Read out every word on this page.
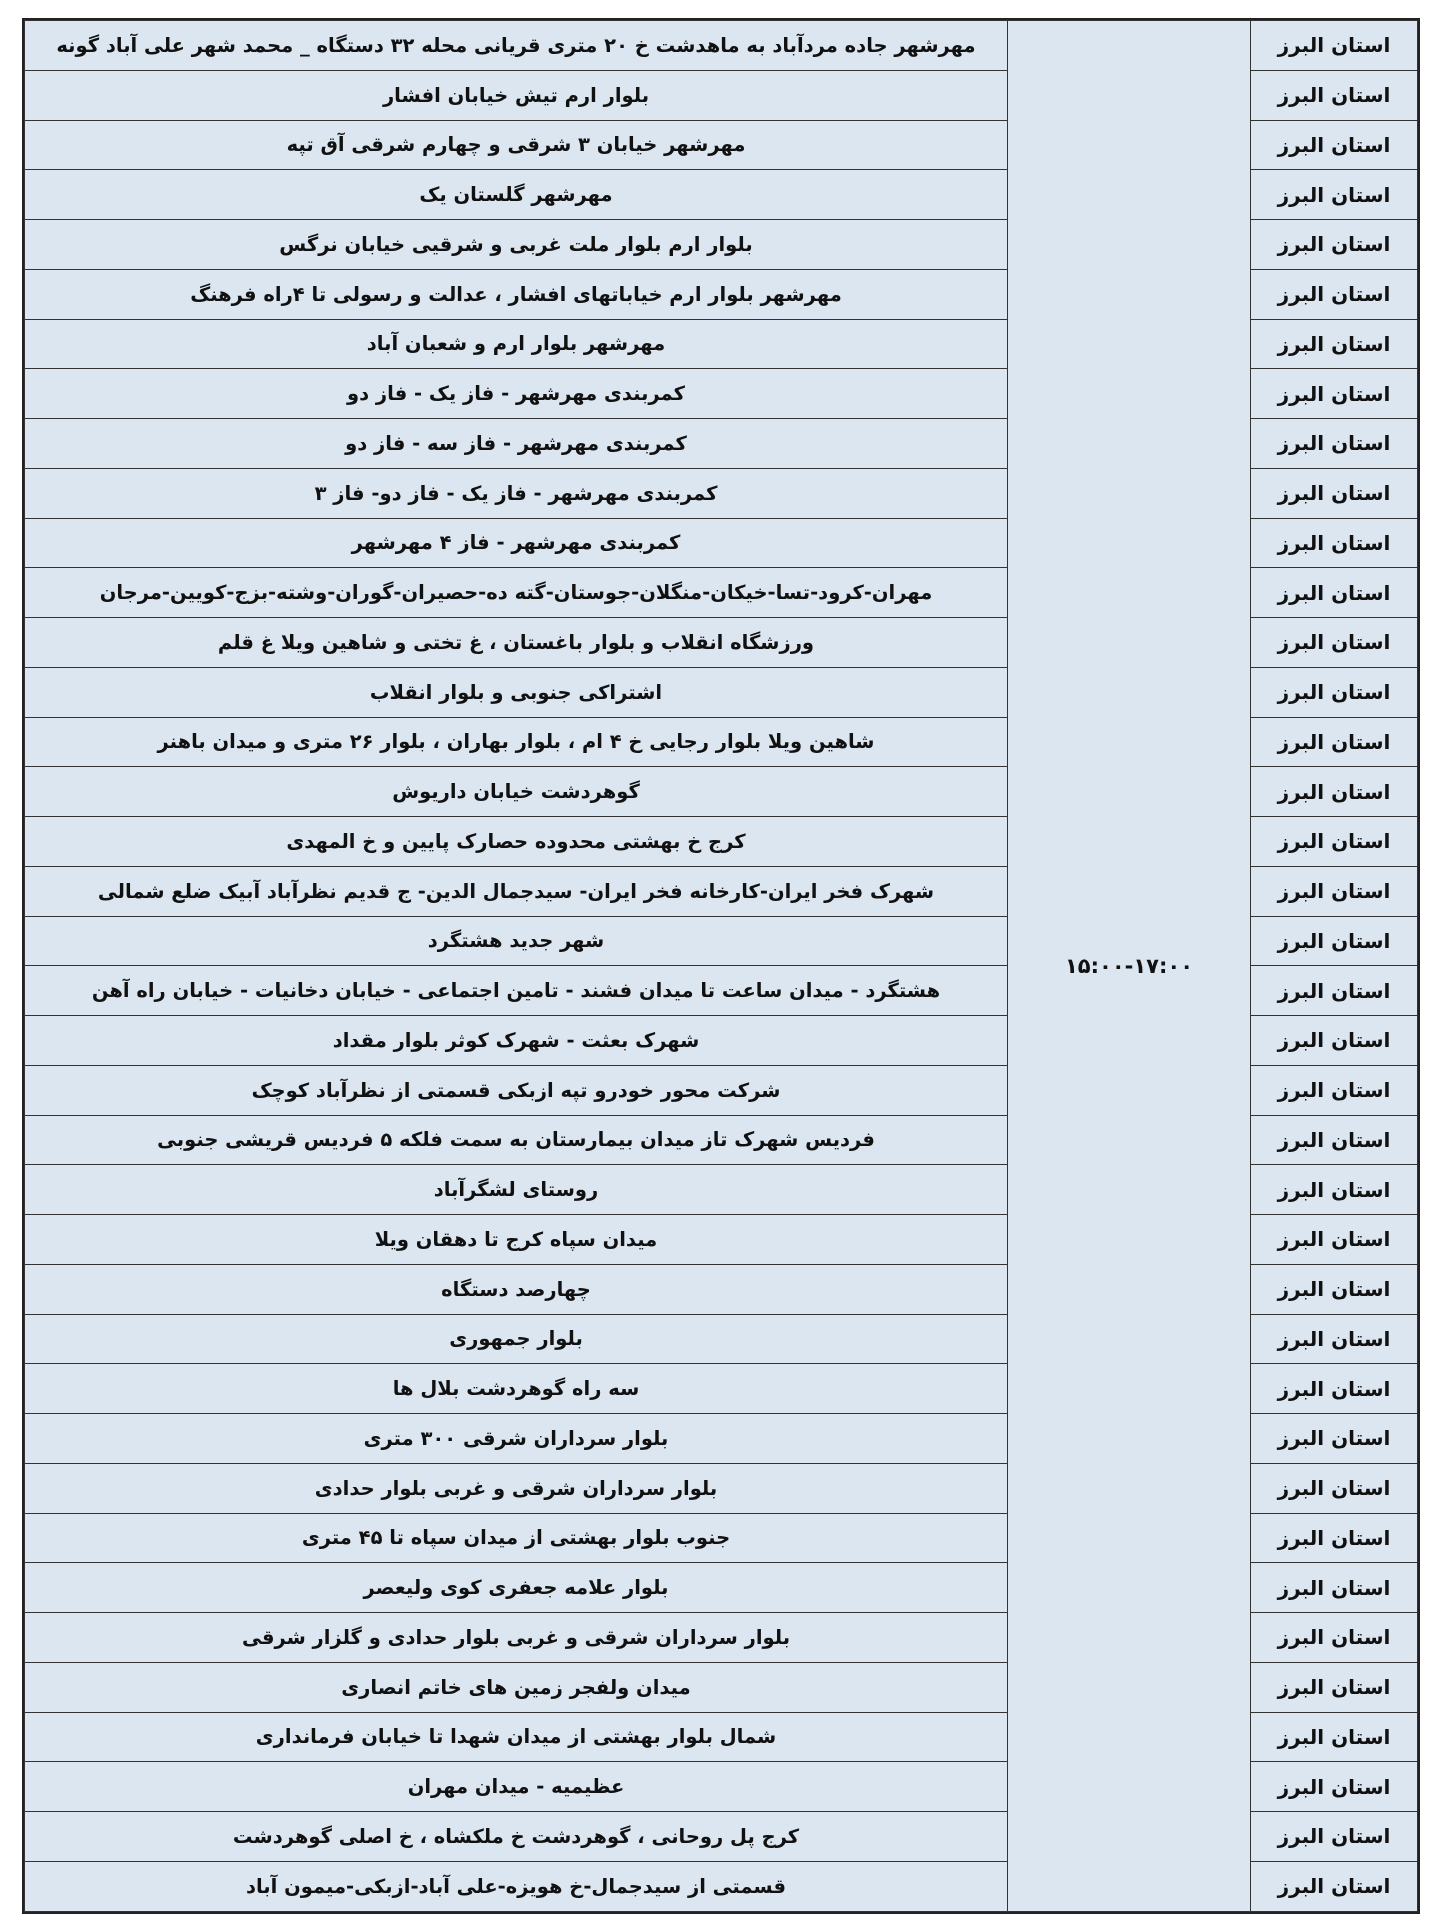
استان البرز	۱۵:۰۰-۱۷:۰۰	مهرشهر جاده مردآباد به ماهدشت خ ۲۰ متری قریانی محله ۳۲ دستگاه _ محمد شهر علی آباد گونه
استان البرز		بلوار ارم تیش خیابان افشار
استان البرز		مهرشهر خیابان ۳ شرقی و چهارم شرقی آق تپه
استان البرز		مهرشهر گلستان یک
استان البرز		بلوار ارم بلوار ملت غربی و شرقیی خیابان نرگس
استان البرز		مهرشهر بلوار ارم خیاباتهای افشار ، عدالت و رسولی تا ۴راه فرهنگ
استان البرز		مهرشهر بلوار ارم و شعبان آباد
استان البرز		کمربندی مهرشهر - فاز یک - فاز دو
استان البرز		کمربندی مهرشهر - فاز سه - فاز دو
استان البرز		کمربندی مهرشهر - فاز یک - فاز دو- فاز ۳
استان البرز		کمربندی مهرشهر - فاز ۴ مهرشهر
استان البرز		مهران-کرود-تسا-خیکان-منگلان-جوستان-گته ده-حصیران-گوران-وشته-بزج-کویین-مرجان
استان البرز		ورزشگاه انقلاب و بلوار باغستان ، غ تختی و شاهین ویلا غ قلم
استان البرز		اشتراکی جنوبی و بلوار انقلاب
استان البرز		شاهین ویلا بلوار رجایی خ ۴ ام ، بلوار بهاران ، بلوار ۲۶ متری و میدان باهنر
استان البرز		گوهردشت خیابان داریوش
استان البرز		کرج خ بهشتی محدوده حصارک پایین و خ المهدی
استان البرز		شهرک فخر ایران-کارخانه فخر ایران- سیدجمال الدین- ج قدیم نظرآباد آبیک ضلع شمالی
استان البرز		شهر جدید هشتگرد
استان البرز		هشتگرد - میدان ساعت تا میدان فشند - تامین اجتماعی - خیابان دخانیات - خیابان راه آهن
استان البرز		شهرک بعثت - شهرک کوثر بلوار مقداد
استان البرز		شرکت محور خودرو تپه ازبکی قسمتی از نظرآباد کوچک
استان البرز		فردیس شهرک تاز میدان بیمارستان به سمت فلکه ۵ فردیس قریشی جنوبی
استان البرز		روستای لشگرآباد
استان البرز		میدان سپاه کرج تا دهقان ویلا
استان البرز		چهارصد دستگاه
استان البرز		بلوار جمهوری
استان البرز		سه راه گوهردشت بلال ها
استان البرز		بلوار سرداران شرقی ۳۰۰ متری
استان البرز		بلوار سرداران شرقی و غربی بلوار حدادی
استان البرز		جنوب بلوار بهشتی از میدان سپاه تا ۴۵ متری
استان البرز		بلوار علامه جعفری کوی ولیعصر
استان البرز		بلوار سرداران شرقی و غربی بلوار حدادی و گلزار شرقی
استان البرز		میدان ولفجر زمین های خاتم انصاری
استان البرز		شمال بلوار بهشتی از میدان شهدا تا خیابان فرمانداری
استان البرز		عظیمیه - میدان مهران
استان البرز		کرج پل روحانی ، گوهردشت خ ملکشاه ، خ اصلی گوهردشت
استان البرز		قسمتی از سیدجمال-خ هویزه-علی آباد-ازبکی-میمون آباد
